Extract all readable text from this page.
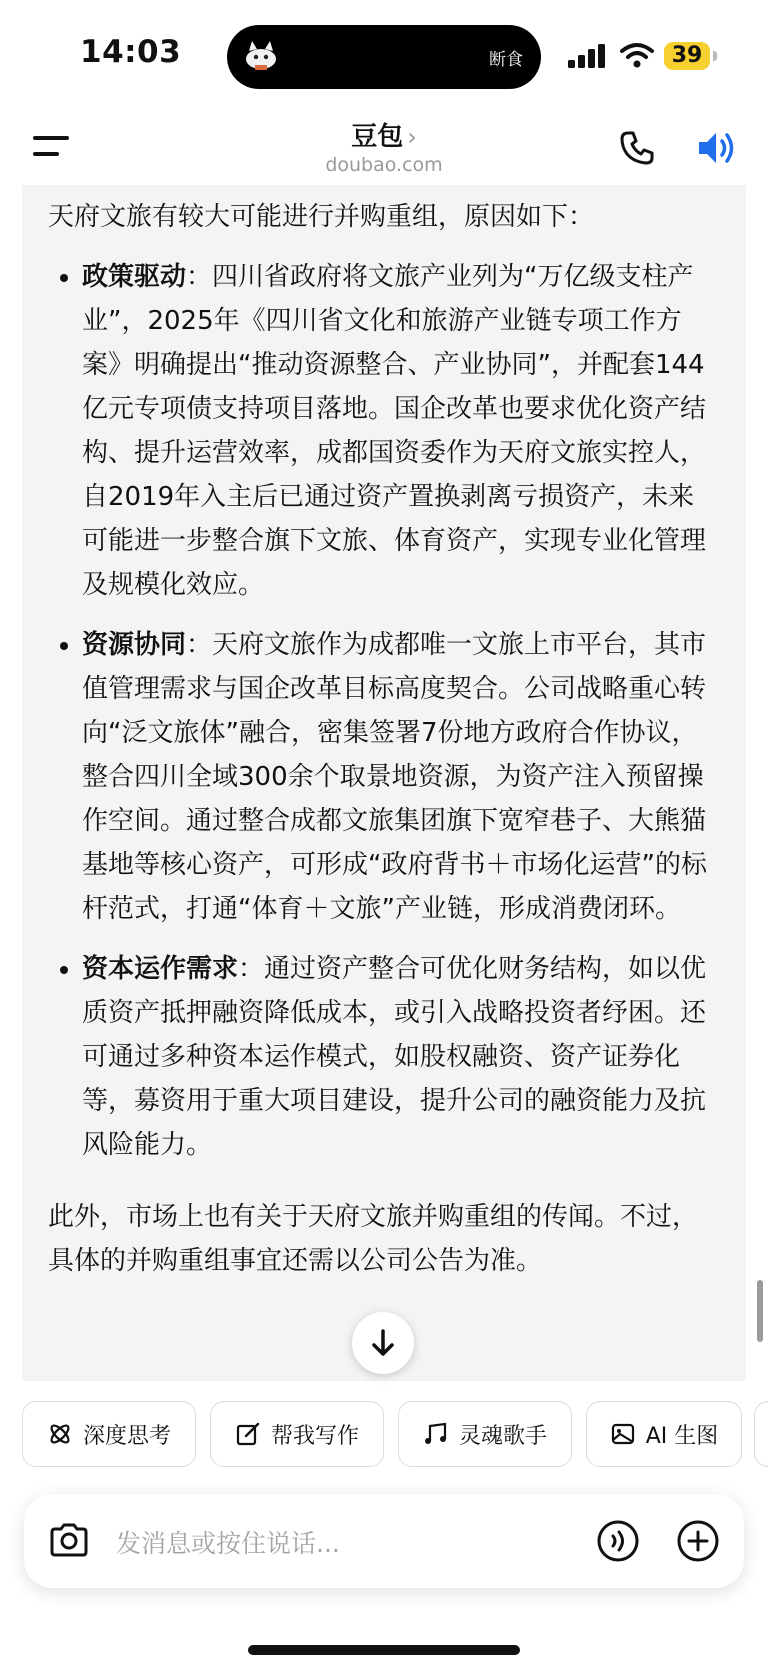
14:03	断食	39
豆包 ›
doubao.com

天府文旅有较大可能进行并购重组，原因如下：

• 政策驱动：四川省政府将文旅产业列为“万亿级支柱产业”，2025年《四川省文化和旅游产业链专项工作方案》明确提出“推动资源整合、产业协同”，并配套144亿元专项债支持项目落地。国企改革也要求优化资产结构、提升运营效率，成都国资委作为天府文旅实控人，自2019年入主后已通过资产置换剥离亏损资产，未来可能进一步整合旗下文旅、体育资产，实现专业化管理及规模化效应。
• 资源协同：天府文旅作为成都唯一文旅上市平台，其市值管理需求与国企改革目标高度契合。公司战略重心转向“泛文旅体”融合，密集签署7份地方政府合作协议，整合四川全域300余个取景地资源，为资产注入预留操作空间。通过整合成都文旅集团旗下宽窄巷子、大熊猫基地等核心资产，可形成“政府背书＋市场化运营”的标杆范式，打通“体育＋文旅”产业链，形成消费闭环。
• 资本运作需求：通过资产整合可优化财务结构，如以优质资产抵押融资降低成本，或引入战略投资者纾困。还可通过多种资本运作模式，如股权融资、资产证券化等，募资用于重大项目建设，提升公司的融资能力及抗风险能力。

此外，市场上也有关于天府文旅并购重组的传闻。不过，具体的并购重组事宜还需以公司公告为准。

深度思考	帮我写作	灵魂歌手	AI 生图
发消息或按住说话...
